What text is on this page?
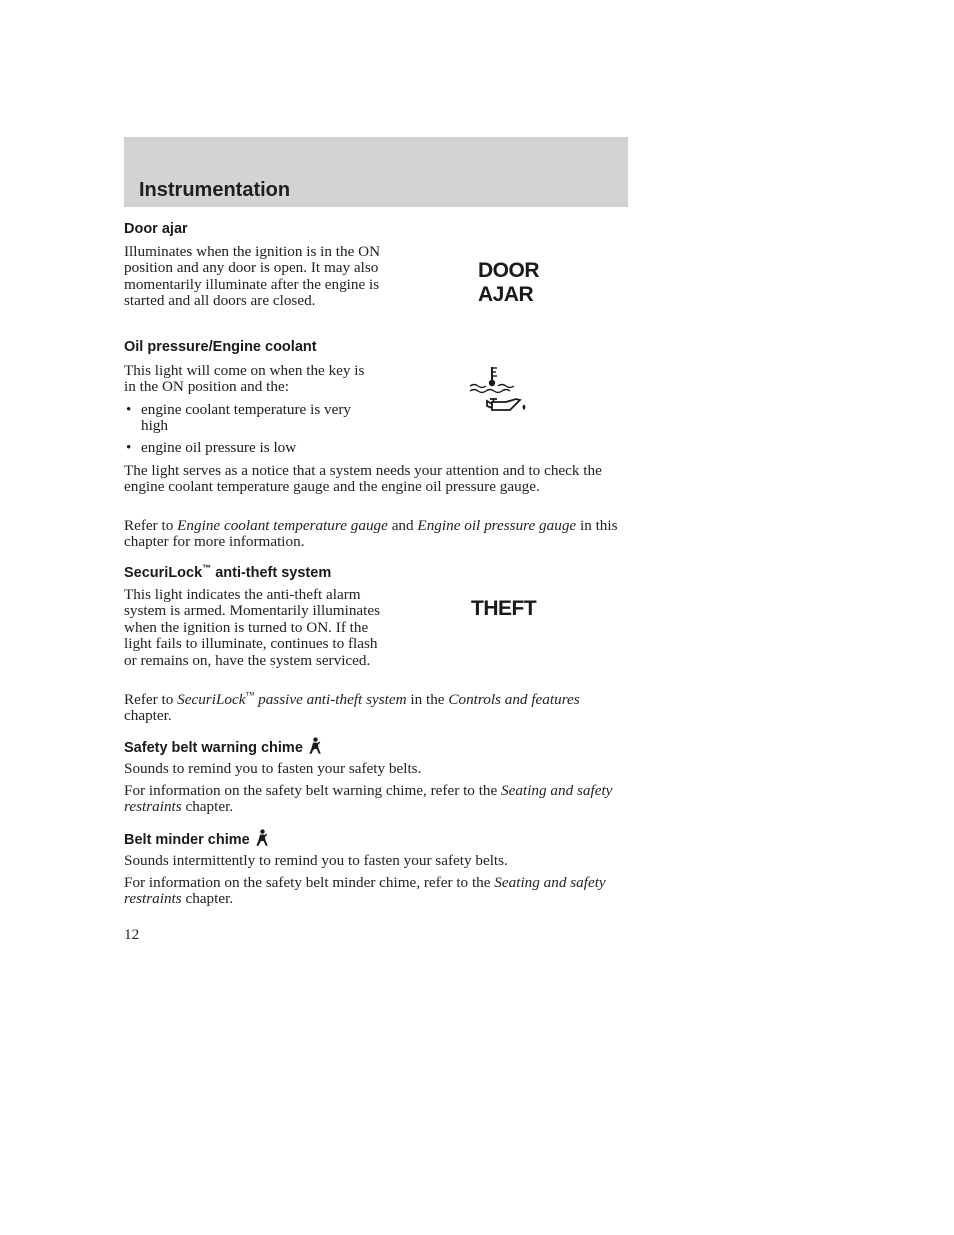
Instrumentation
Door ajar

Illuminates when the ignition is in the ON position and any door is open. It may also momentarily illuminate after the engine is started and all doors are closed.

Oil pressure/Engine coolant

This light will come on when the key is in the ON position and the:

• engine coolant temperature is very high
• engine oil pressure is low

The light serves as a notice that a system needs your attention and to check the engine coolant temperature gauge and the engine oil pressure gauge.

Refer to Engine coolant temperature gauge and Engine oil pressure gauge in this chapter for more information.

SecuriLock™ anti-theft system

This light indicates the anti-theft alarm system is armed. Momentarily illuminates when the ignition is turned to ON. If the light fails to illuminate, continues to flash or remains on, have the system serviced.

Refer to SecuriLock™ passive anti-theft system in the Controls and features chapter.

Safety belt warning chime

Sounds to remind you to fasten your safety belts.

For information on the safety belt warning chime, refer to the Seating and safety restraints chapter.

Belt minder chime

Sounds intermittently to remind you to fasten your safety belts.

For information on the safety belt minder chime, refer to the Seating and safety restraints chapter.

DOOR
AJAR
THEFT

12
